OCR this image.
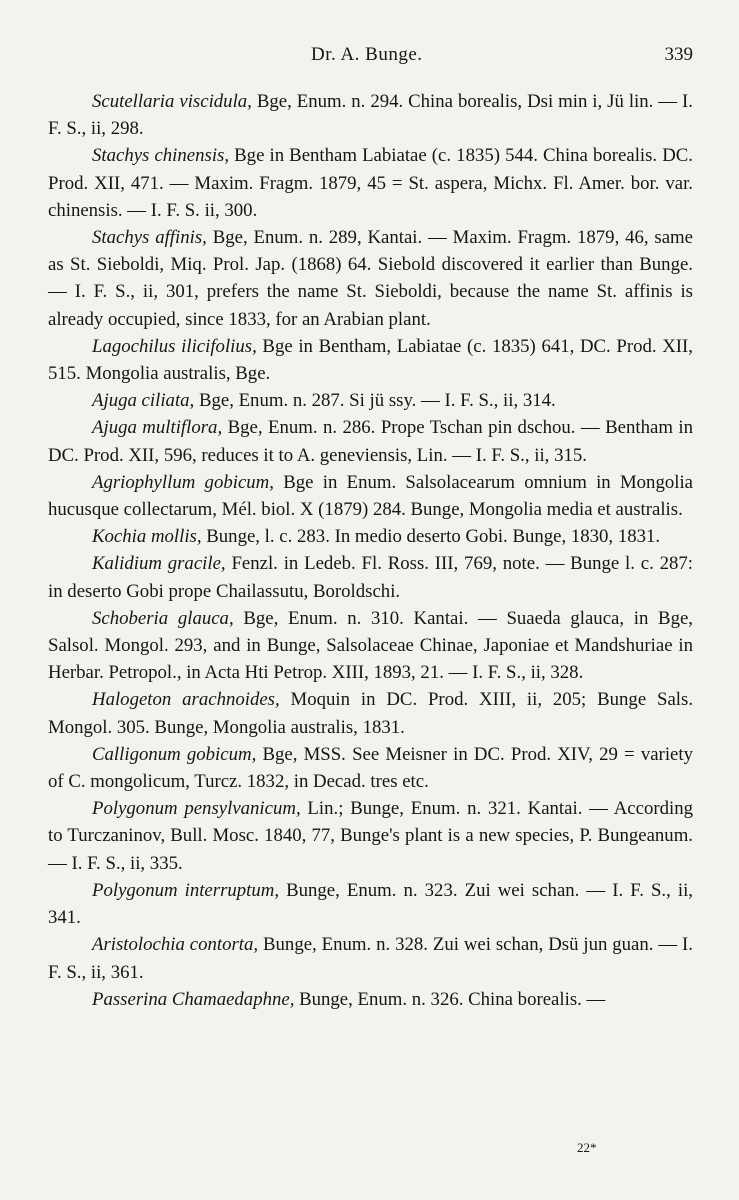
Dr. A. Bunge.	339

Scutellaria viscidula, Bge, Enum. n. 294. China borealis, Dsi min i, Jü lin. — I. F. S., ii, 298.

Stachys chinensis, Bge in Bentham Labiatae (c. 1835) 544. China borealis. DC. Prod. XII, 471. — Maxim. Fragm. 1879, 45 = St. aspera, Michx. Fl. Amer. bor. var. chinensis. — I. F. S. ii, 300.

Stachys affinis, Bge, Enum. n. 289, Kantai. — Maxim. Fragm. 1879, 46, same as St. Sieboldi, Miq. Prol. Jap. (1868) 64. Siebold discovered it earlier than Bunge. — I. F. S., ii, 301, prefers the name St. Sieboldi, because the name St. affinis is already occupied, since 1833, for an Arabian plant.

Lagochilus ilicifolius, Bge in Bentham, Labiatae (c. 1835) 641, DC. Prod. XII, 515. Mongolia australis, Bge.

Ajuga ciliata, Bge, Enum. n. 287. Si jü ssy. — I. F. S., ii, 314.

Ajuga multiflora, Bge, Enum. n. 286. Prope Tschan pin dschou. — Bentham in DC. Prod. XII, 596, reduces it to A. geneviensis, Lin. — I. F. S., ii, 315.

Agriophyllum gobicum, Bge in Enum. Salsolacearum omnium in Mongolia hucusque collectarum, Mél. biol. X (1879) 284. Bunge, Mongolia media et australis.

Kochia mollis, Bunge, l. c. 283. In medio deserto Gobi. Bunge, 1830, 1831.

Kalidium gracile, Fenzl. in Ledeb. Fl. Ross. III, 769, note. — Bunge l. c. 287: in deserto Gobi prope Chailassutu, Boroldschi.

Schoberia glauca, Bge, Enum. n. 310. Kantai. — Suaeda glauca, in Bge, Salsol. Mongol. 293, and in Bunge, Salsolaceae Chinae, Japoniae et Mandshuriae in Herbar. Petropol., in Acta Hti Petrop. XIII, 1893, 21. — I. F. S., ii, 328.

Halogeton arachnoides, Moquin in DC. Prod. XIII, ii, 205; Bunge Sals. Mongol. 305. Bunge, Mongolia australis, 1831.

Calligonum gobicum, Bge, MSS. See Meisner in DC. Prod. XIV, 29 = variety of C. mongolicum, Turcz. 1832, in Decad. tres etc.

Polygonum pensylvanicum, Lin.; Bunge, Enum. n. 321. Kantai. — According to Turczaninov, Bull. Mosc. 1840, 77, Bunge's plant is a new species, P. Bungeanum. — I. F. S., ii, 335.

Polygonum interruptum, Bunge, Enum. n. 323. Zui wei schan. — I. F. S., ii, 341.

Aristolochia contorta, Bunge, Enum. n. 328. Zui wei schan, Dsü jun guan. — I. F. S., ii, 361.

Passerina Chamaedaphne, Bunge, Enum. n. 326. China borealis. —

22*
